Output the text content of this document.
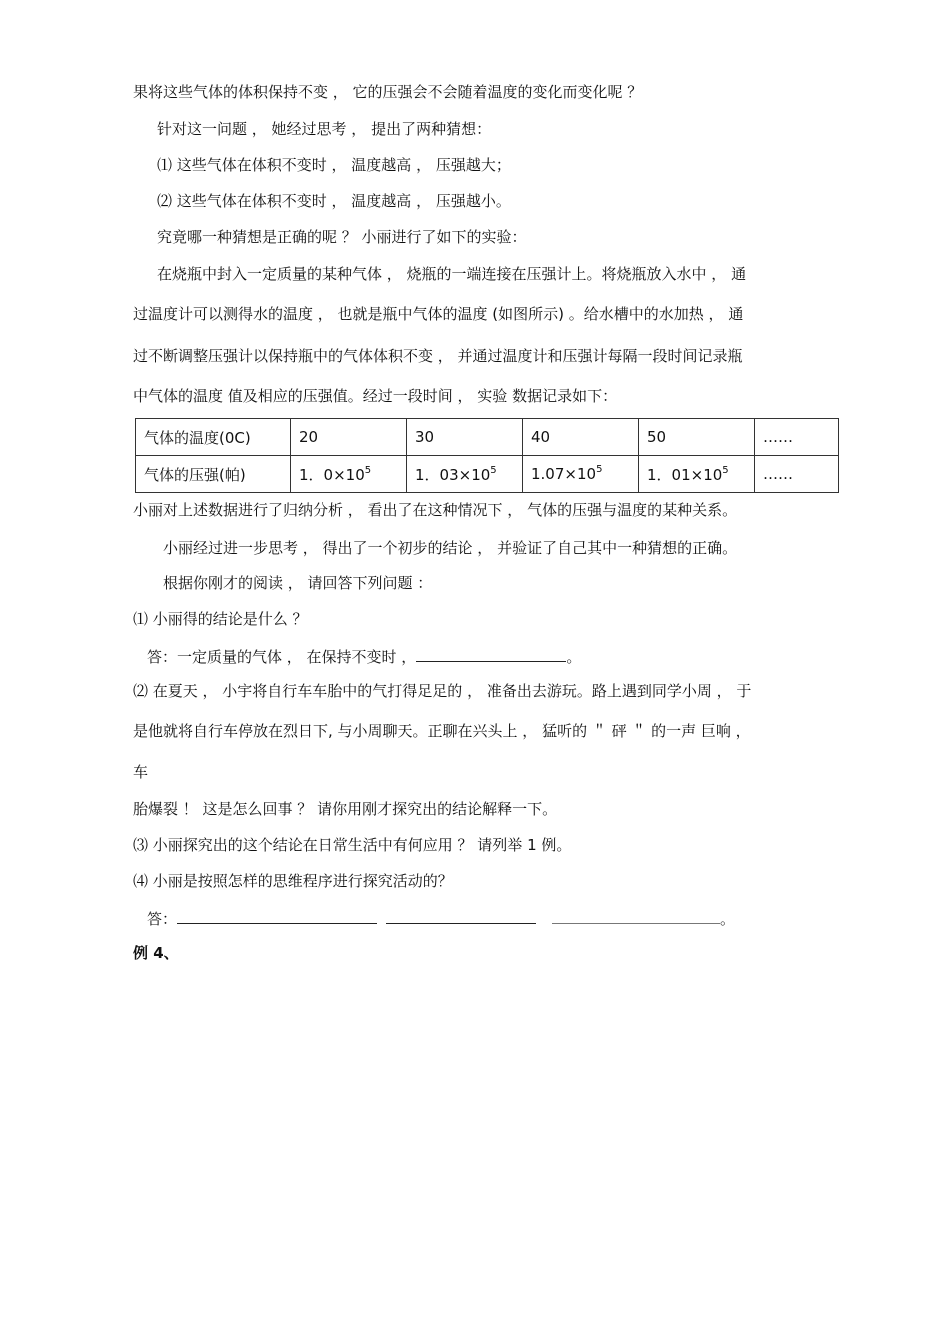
果将这些气体的体积保持不变 ， 它的压强会不会随着温度的变化而变化呢 ？
针对这一问题 ， 她经过思考 ， 提出了两种猜想：
⑴ 这些气体在体积不变时 ， 温度越高 ， 压强越大；
⑵ 这些气体在体积不变时 ， 温度越高 ， 压强越小。
究竟哪一种猜想是正确的呢 ？ 小丽进行了如下的实验：
在烧瓶中封入一定质量的某种气体 ， 烧瓶的一端连接在压强计上。将烧瓶放入水中 ， 通
过温度计可以测得水的温度 ， 也就是瓶中气体的温度 (如图所示) 。给水槽中的水加热 ， 通
过不断调整压强计以保持瓶中的气体体积不变 ， 并通过温度计和压强计每隔一段时间记录瓶
中气体的温度 值及相应的压强值。经过一段时间 ， 实验 数据记录如下：
气体的温度(0C)	20	30	40	50	……
气体的压强(帕)	1．$0\times 10^5$	1．$03\times 10^5$	$1.07\times 10^5$	1．$01\times 10^5$	……
小丽对上述数据进行了归纳分析 ， 看出了在这种情况下 ， 气体的压强与温度的某种关系。
小丽经过进一步思考 ， 得出了一个初步的结论 ， 并验证了自己其中一种猜想的正确。
根据你刚才的阅读 ， 请回答下列问题 ：
⑴ 小丽得的结论是什么 ？
答：一定质量的气体 ， 在保持不变时 ，	。
⑵ 在夏天 ， 小宇将自行车车胎中的气打得足足的 ， 准备出去游玩。路上遇到同学小周 ， 于
是他就将自行车停放在烈日下, 与小周聊天。正聊在兴头上 ， 猛听的 ＂ 砰 ＂ 的一声 巨响 ，
车
胎爆裂 ！ 这是怎么回事 ？ 请你用刚才探究出的结论解释一下。
⑶ 小丽探究出的这个结论在日常生活中有何应用 ？ 请列举 1 例。
⑷ 小丽是按照怎样的思维程序进行探究活动的？
答：	。
例 4、
